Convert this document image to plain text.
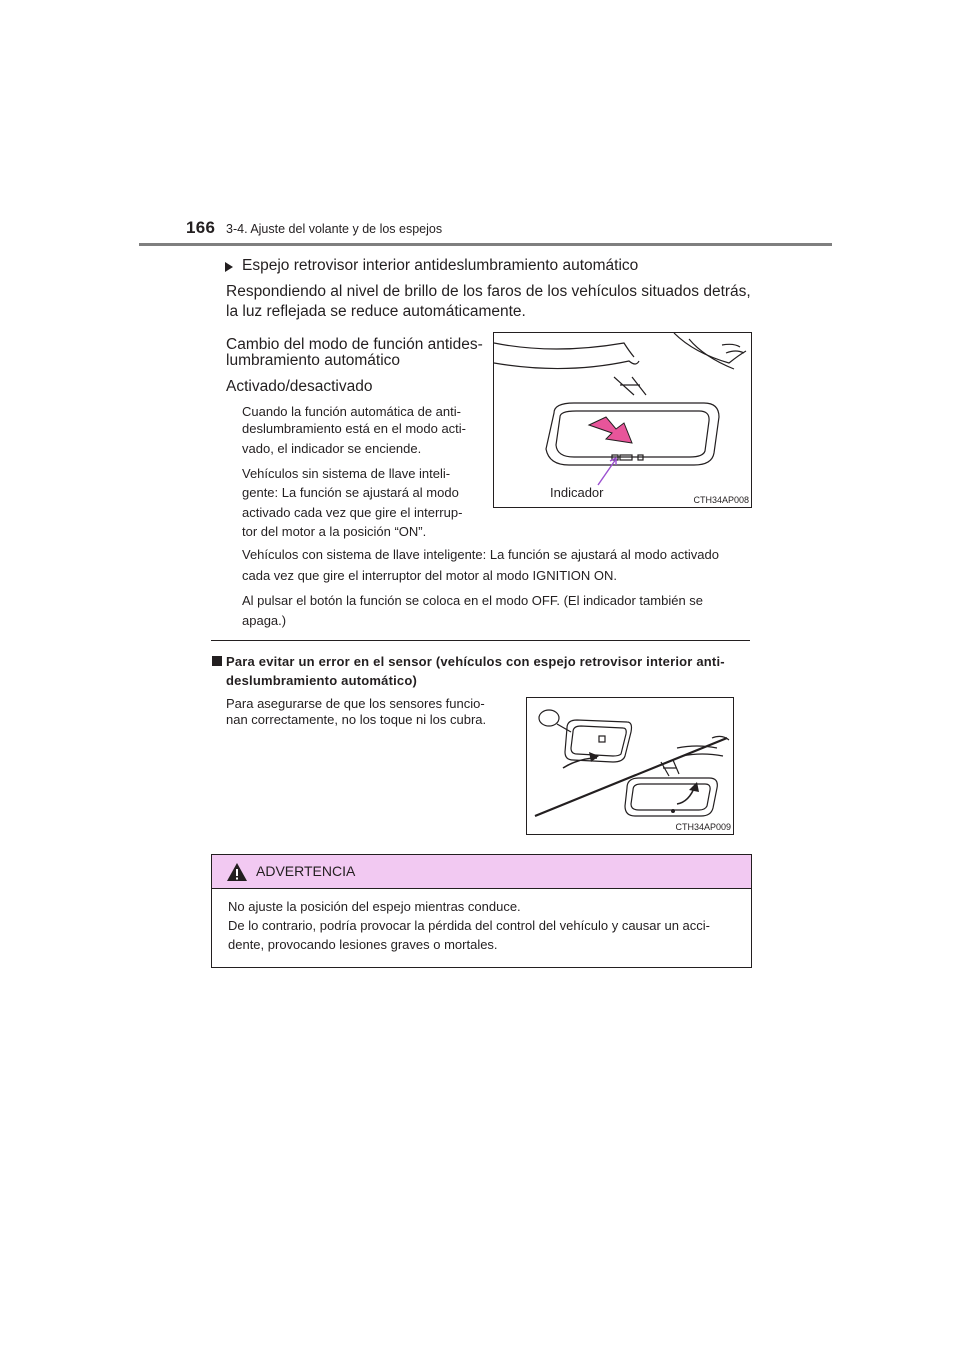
166 3-4. Ajuste del volante y de los espejos
Espejo retrovisor interior antideslumbramiento automático
Respondiendo al nivel de brillo de los faros de los vehículos situados detrás,
la luz reflejada se reduce automáticamente.
Cambio del modo de función antides-
lumbramiento automático
Activado/desactivado
Cuando la función automática de anti-
deslumbramiento está en el modo acti-
vado, el indicador se enciende.
Vehículos sin sistema de llave inteli-
gente: La función se ajustará al modo
activado cada vez que gire el interrup-
tor del motor a la posición “ON”.
Vehículos con sistema de llave inteligente: La función se ajustará al modo activado
cada vez que gire el interruptor del motor al modo IGNITION ON.
Al pulsar el botón la función se coloca en el modo OFF. (El indicador también se
apaga.)
Indicador	CTH34AP008
Para evitar un error en el sensor (vehículos con espejo retrovisor interior anti-
deslumbramiento automático)
Para asegurarse de que los sensores funcio-
nan correctamente, no los toque ni los cubra.
CTH34AP009
ADVERTENCIA
No ajuste la posición del espejo mientras conduce.
De lo contrario, podría provocar la pérdida del control del vehículo y causar un acci-
dente, provocando lesiones graves o mortales.
